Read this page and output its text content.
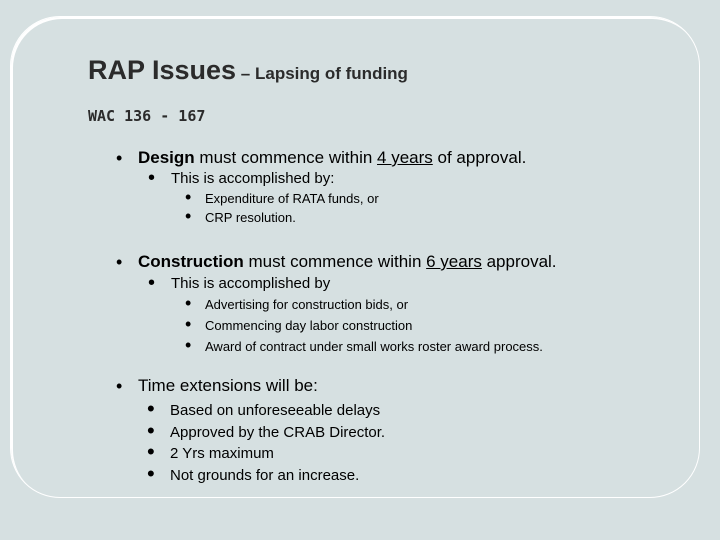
RAP Issues – Lapsing of funding
WAC 136 - 167
• Design must commence within 4 years of approval.
• This is accomplished by:
• Expenditure of RATA funds, or
• CRP resolution.
• Construction must commence within 6 years approval.
• This is accomplished by
• Advertising for construction bids, or
• Commencing day labor construction
• Award of contract under small works roster award process.
• Time extensions will be:
• Based on unforeseeable delays
• Approved by the CRAB Director.
• 2 Yrs maximum
• Not grounds for an increase.
